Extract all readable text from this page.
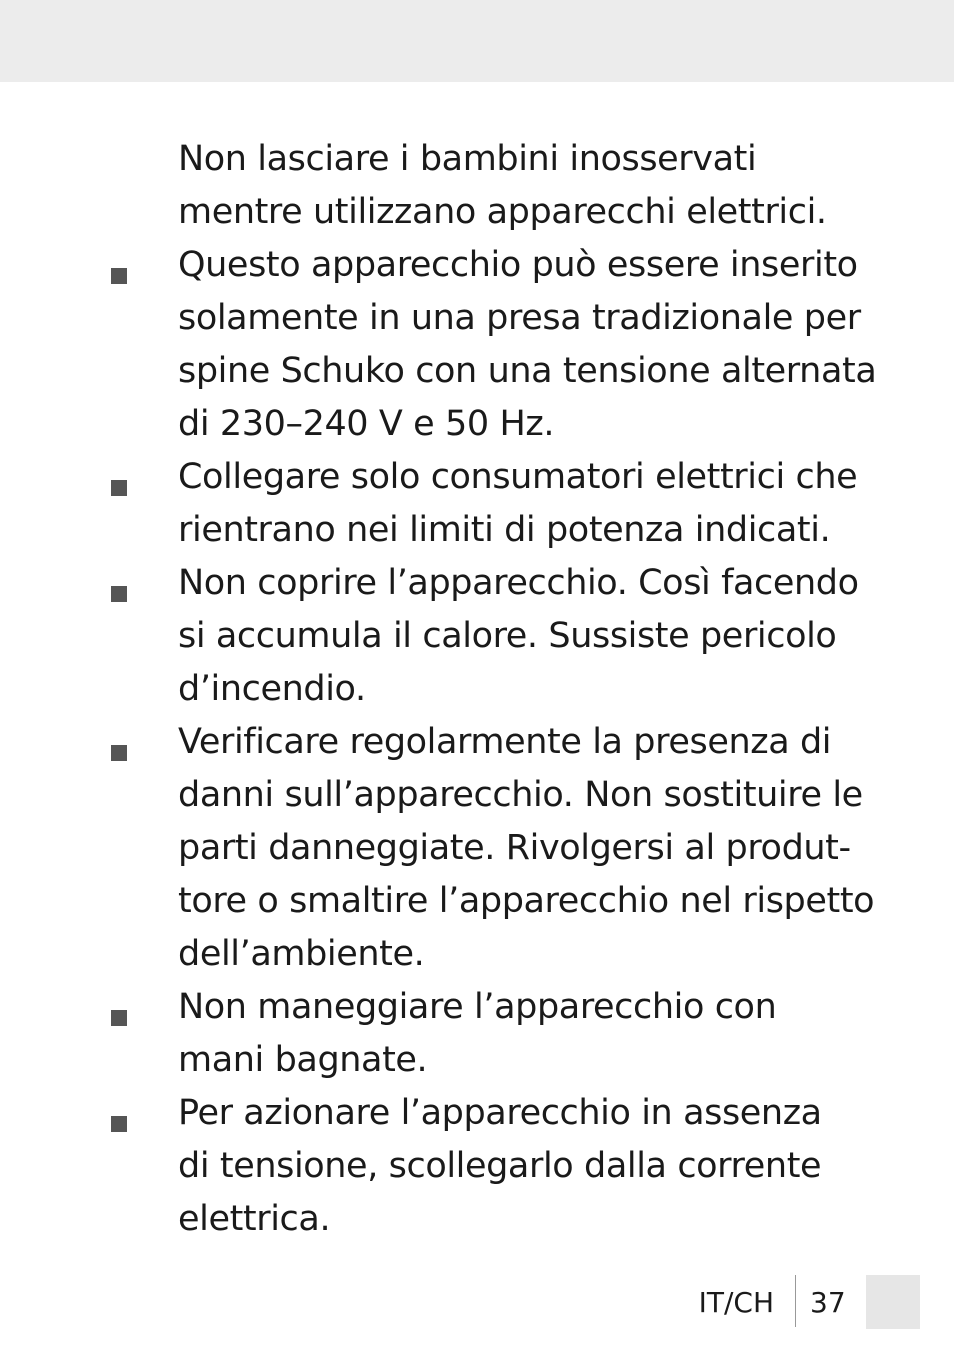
Non lasciare i bambini inosservati
mentre utilizzano apparecchi elettrici.
Questo apparecchio può essere inserito
solamente in una presa tradizionale per
spine Schuko con una tensione alternata
di 230–240 V e 50 Hz.
Collegare solo consumatori elettrici che
rientrano nei limiti di potenza indicati.
Non coprire l’apparecchio. Così facendo
si accumula il calore. Sussiste pericolo
d’incendio.
Verificare regolarmente la presenza di
danni sull’apparecchio. Non sostituire le
parti danneggiate. Rivolgersi al produt-
tore o smaltire l’apparecchio nel rispetto
dell’ambiente.
Non maneggiare l’apparecchio con
mani bagnate.
Per azionare l’apparecchio in assenza
di tensione, scollegarlo dalla corrente
elettrica.
IT/CH 37
